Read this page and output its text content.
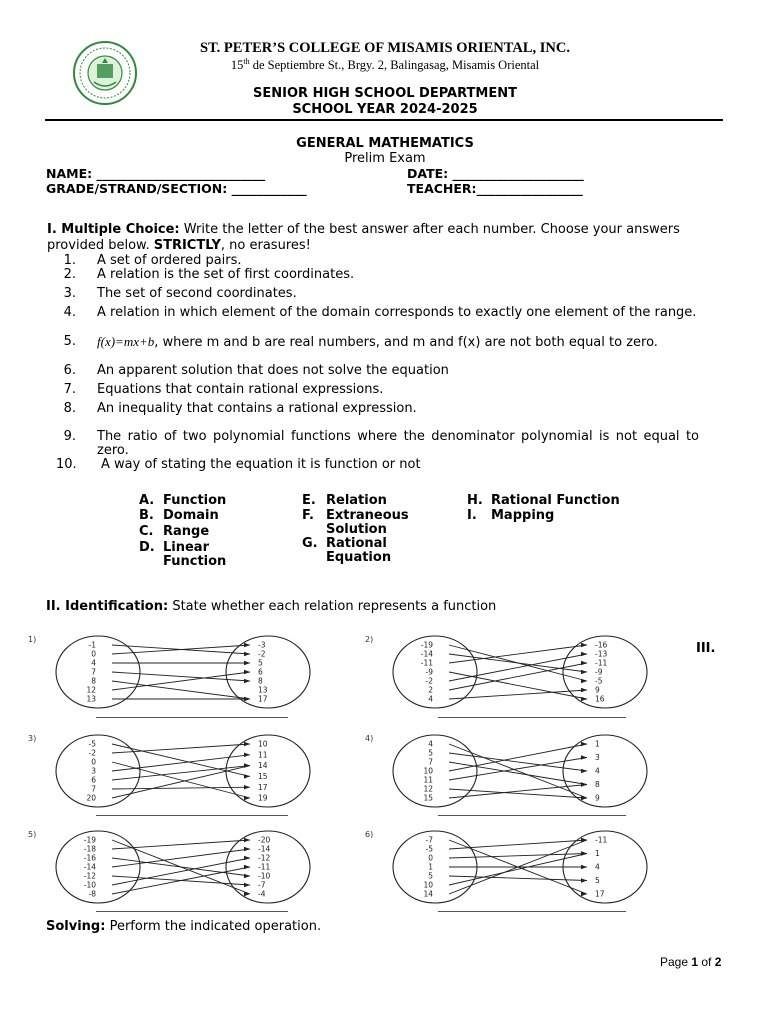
ST. PETER’S COLLEGE OF MISAMIS ORIENTAL, INC.
15th de Septiembre St., Brgy. 2, Balingasag, Misamis Oriental
SENIOR HIGH SCHOOL DEPARTMENT
SCHOOL YEAR 2024-2025
GENERAL MATHEMATICS
Prelim Exam
NAME: ___________________________	DATE: _____________________
GRADE/STRAND/SECTION: ____________	TEACHER:_________________
I. Multiple Choice: Write the letter of the best answer after each number. Choose your answers provided below. STRICTLY, no erasures!
1. A set of ordered pairs.
2. A relation is the set of first coordinates.
3. The set of second coordinates.
4. A relation in which element of the domain corresponds to exactly one element of the range.
5. f(x)=mx+b, where m and b are real numbers, and m and f(x) are not both equal to zero.
6. An apparent solution that does not solve the equation
7. Equations that contain rational expressions.
8. An inequality that contains a rational expression.
9. The ratio of two polynomial functions where the denominator polynomial is not equal to zero.
10. A way of stating the equation it is function or not
A. Function
B. Domain
C. Range
D. Linear Function
E. Relation
F. Extraneous Solution
G. Rational Equation
H. Rational Function
I. Mapping
II. Identification: State whether each relation represents a function
1)
-1
0
4
7
8
12
13
-3
-2
5
6
8
13
17
2)
-19
-14
-11
-9
-2
2
4
-16
-13
-11
-9
-5
9
16
3)
-5
-2
0
3
6
7
20
10
11
14
15
17
19
4)
4
5
7
10
11
12
15
1
3
4
8
9
5)
-19
-18
-16
-14
-12
-10
-8
-20
-14
-12
-11
-10
-7
-4
6)
-7
-5
0
1
5
10
14
-11
1
4
5
17
III.
Solving: Perform the indicated operation.
Page 1 of 2
